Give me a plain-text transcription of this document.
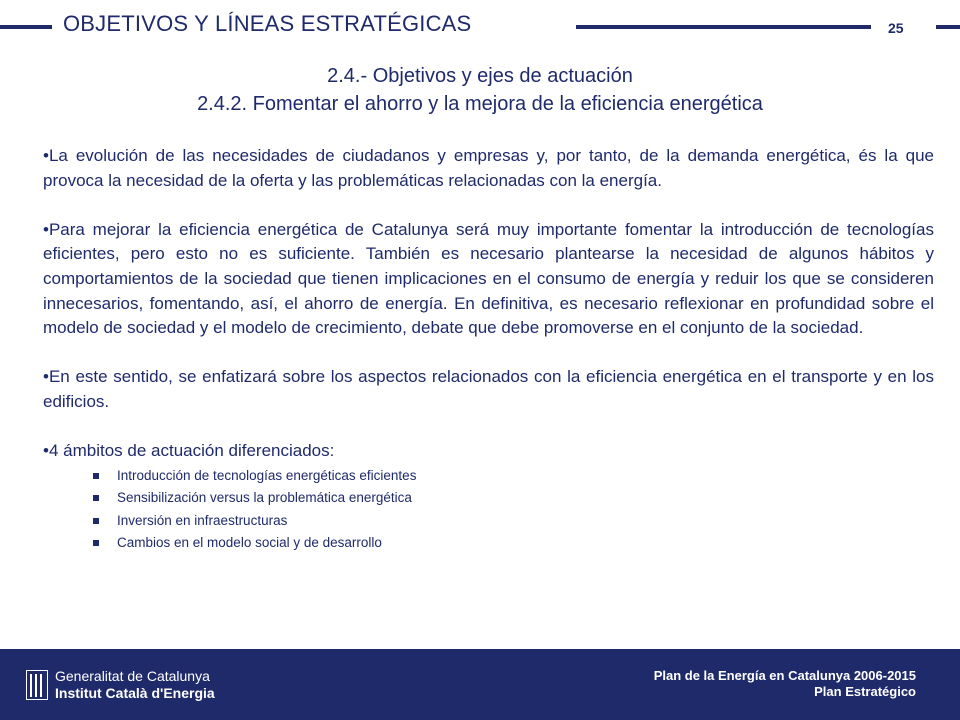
OBJETIVOS Y LÍNEAS ESTRATÉGICAS	25
2.4.- Objetivos y ejes de actuación
2.4.2. Fomentar el ahorro y la mejora de la eficiencia energética

•La evolución de las necesidades de ciudadanos y empresas y, por tanto, de la demanda energética, és la que provoca la necesidad de la oferta y las problemáticas relacionadas con la energía.

•Para mejorar la eficiencia energética de Catalunya será muy importante fomentar la introducción de tecnologías eficientes, pero esto no es suficiente. También es necesario plantearse la necesidad de algunos hábitos y comportamientos de la sociedad que tienen implicaciones en el consumo de energía y reduir los que se consideren innecesarios, fomentando, así, el ahorro de energía. En definitiva, es necesario reflexionar en profundidad sobre el modelo de sociedad y el modelo de crecimiento, debate que debe promoverse en el conjunto de la sociedad.

•En este sentido, se enfatizará sobre los aspectos relacionados con la eficiencia energética en el transporte y en los edificios.

•4 ámbitos de actuación diferenciados:

Introducción de tecnologías energéticas eficientes
Sensibilización versus la problemática energética
Inversión en infraestructuras
Cambios en el modelo social y de desarrollo
Generalitat de Catalunya
Institut Català d'Energia
Plan de la Energía en Catalunya 2006-2015
Plan Estratégico
